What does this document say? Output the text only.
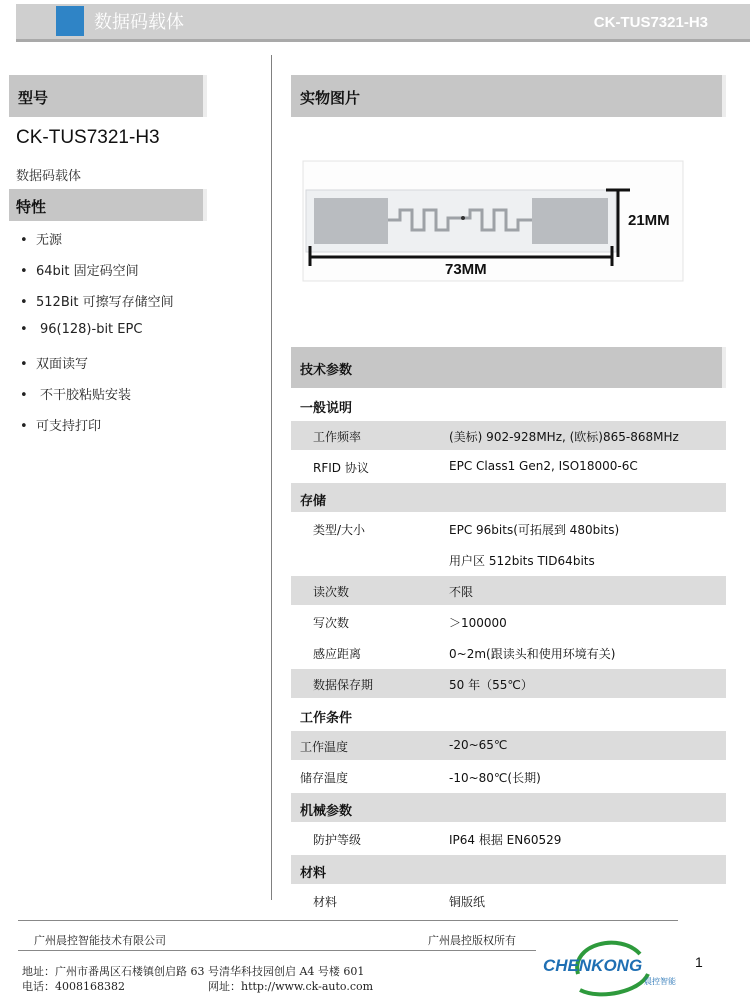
数据码载体	CK-TUS7321-H3
型号
CK-TUS7321-H3
数据码载体
特性
• 无源
• 64bit 固定码空间
• 512Bit 可擦写存储空间
• 96(128)-bit EPC
• 双面读写
• 不干胶粘贴安装
• 可支持打印
实物图片
21MM
73MM
技术参数
一般说明
工作频率	(美标) 902-928MHz, (欧标)865-868MHz
RFID 协议	EPC Class1 Gen2, ISO18000-6C
存储
类型/大小	EPC 96bits(可拓展到 480bits)
用户区 512bits TID64bits
读次数	不限
写次数	＞100000
感应距离	0~2m(跟读头和使用环境有关)
数据保存期	50 年（55℃）
工作条件
工作温度	-20~65℃
储存温度	-10~80℃(长期)
机械参数
防护等级	IP64 根据 EN60529
材料
材料	铜版纸
广州晨控智能技术有限公司	广州晨控版权所有
地址：广州市番禺区石楼镇创启路 63 号清华科技园创启 A4 号楼 601
电话：4008168382	网址：http://www.ck-auto.com
CHENKONG
晨控智能
1
